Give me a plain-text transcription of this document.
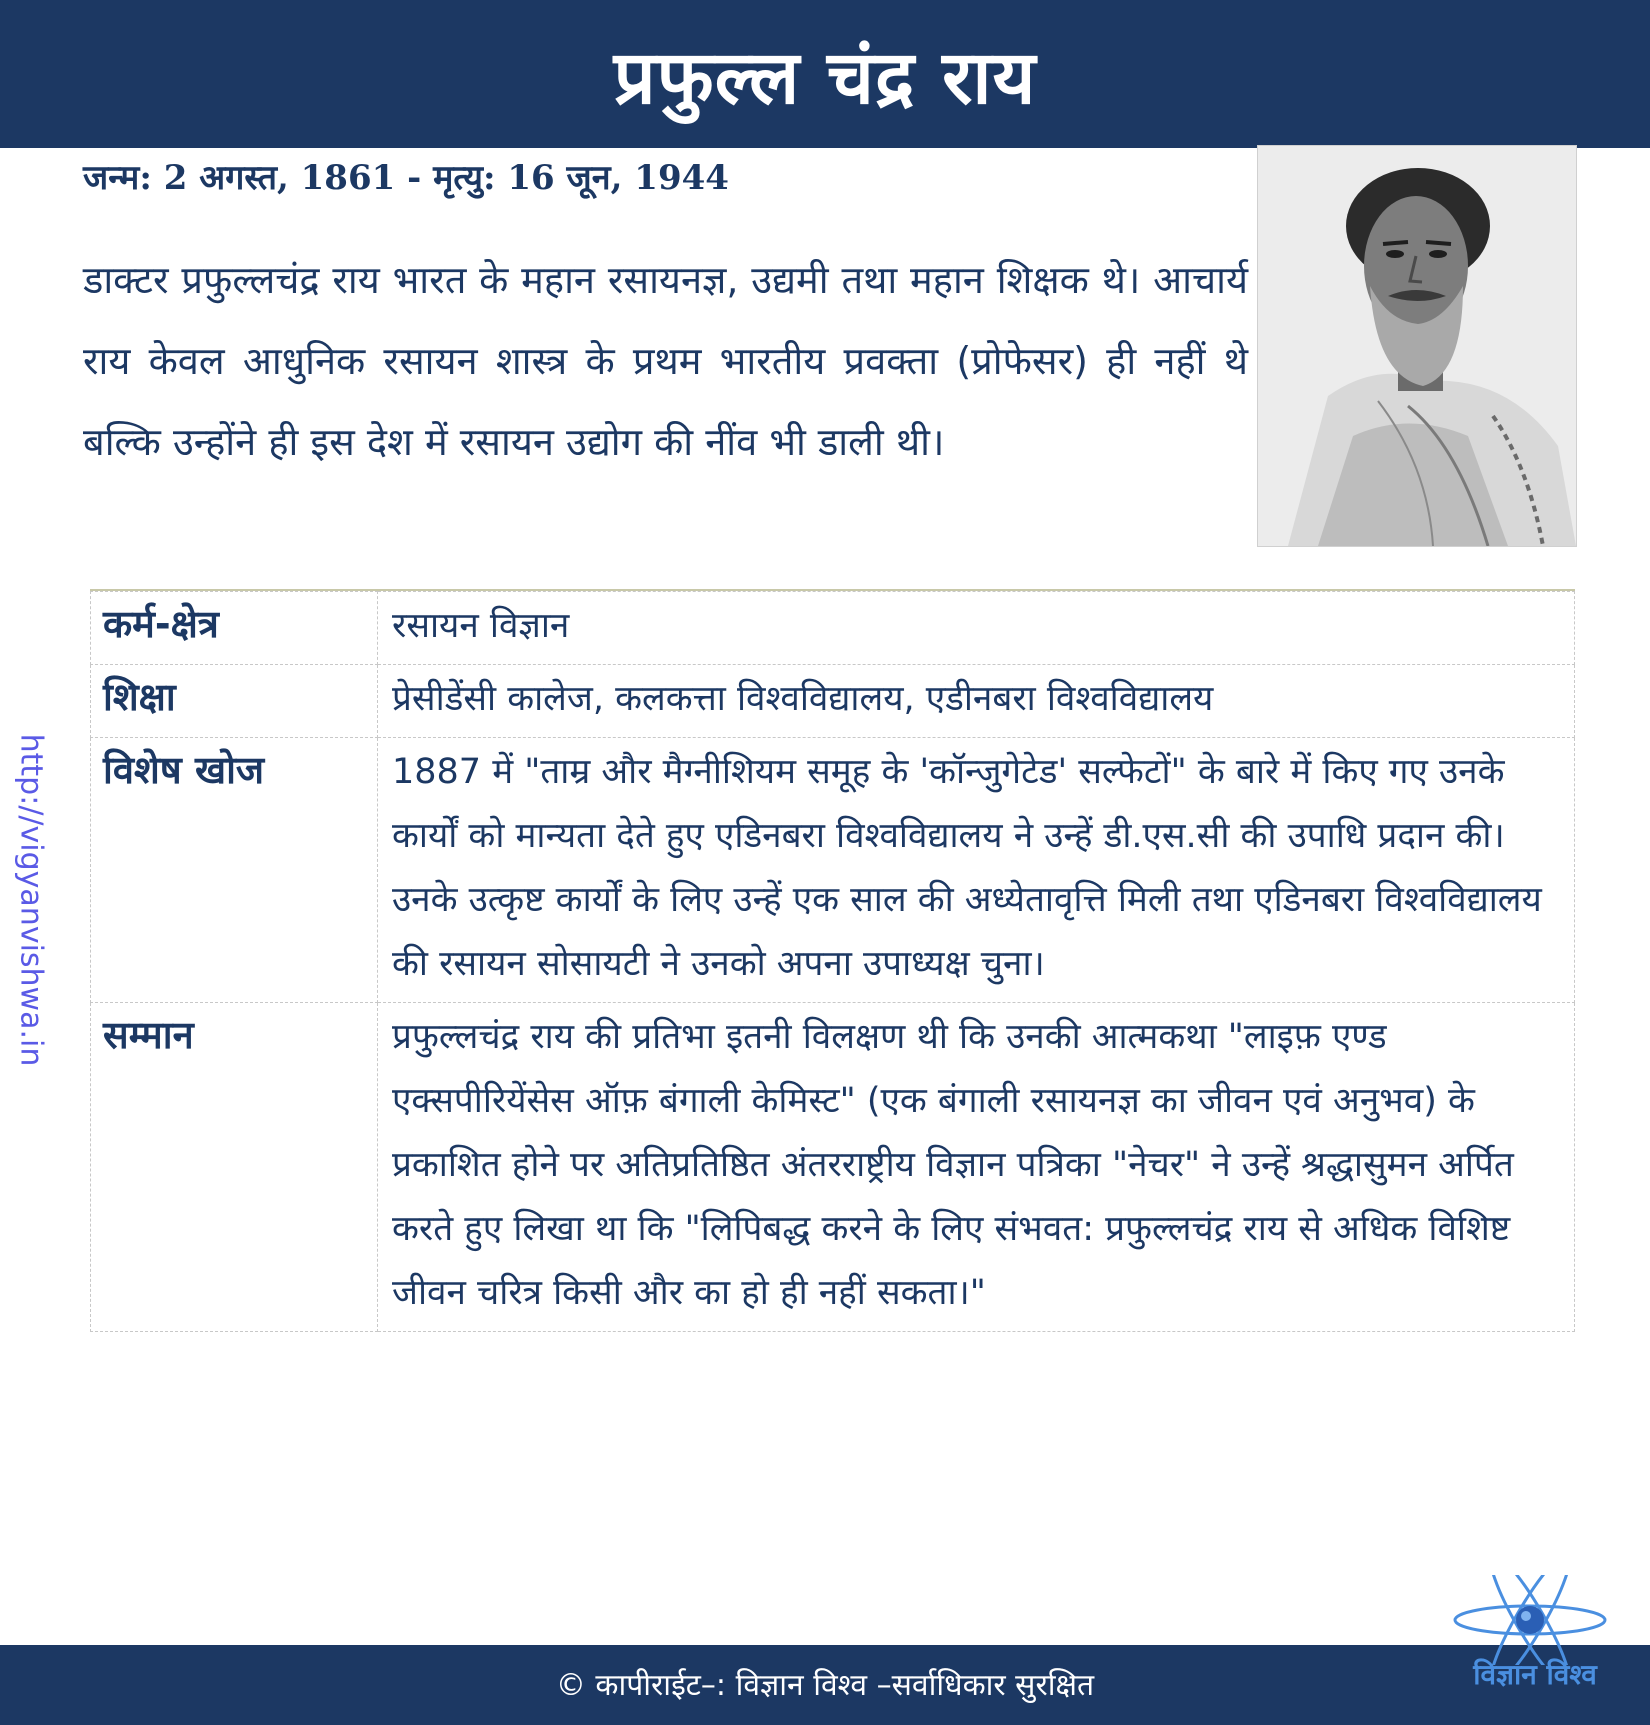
प्रफुल्ल चंद्र राय
जन्म: 2 अगस्त, 1861 - मृत्यु: 16 जून, 1944
डाक्टर प्रफुल्लचंद्र राय भारत के महान रसायनज्ञ, उद्यमी तथा महान शिक्षक थे। आचार्य राय केवल आधुनिक रसायन शास्त्र के प्रथम भारतीय प्रवक्ता (प्रोफेसर) ही नहीं थे बल्कि उन्होंने ही इस देश में रसायन उद्योग की नींव भी डाली थी।
कर्म-क्षेत्र	रसायन विज्ञान
शिक्षा	प्रेसीडेंसी कालेज, कलकत्ता विश्वविद्यालय, एडीनबरा विश्वविद्यालय
विशेष खोज	1887 में "ताम्र और मैग्नीशियम समूह के 'कॉन्जुगेटेड' सल्फेटों" के बारे में किए गए उनके कार्यों को मान्यता देते हुए एडिनबरा विश्वविद्यालय ने उन्हें डी.एस.सी की उपाधि प्रदान की। उनके उत्कृष्ट कार्यों के लिए उन्हें एक साल की अध्येतावृत्ति मिली तथा एडिनबरा विश्वविद्यालय की रसायन सोसायटी ने उनको अपना उपाध्यक्ष चुना।
सम्मान	प्रफुल्लचंद्र राय की प्रतिभा इतनी विलक्षण थी कि उनकी आत्मकथा "लाइफ़ एण्ड एक्सपीरियेंसेस ऑफ़ बंगाली केमिस्ट" (एक बंगाली रसायनज्ञ का जीवन एवं अनुभव) के प्रकाशित होने पर अतिप्रतिष्ठित अंतरराष्ट्रीय विज्ञान पत्रिका "नेचर" ने उन्हें श्रद्धासुमन अर्पित करते हुए लिखा था कि "लिपिबद्ध करने के लिए संभवत: प्रफुल्लचंद्र राय से अधिक विशिष्ट जीवन चरित्र किसी और का हो ही नहीं सकता।"
http://vigyanvishwa.in
© कापीराईट–: विज्ञान विश्व –सर्वाधिकार सुरक्षित	विज्ञान विश्व
